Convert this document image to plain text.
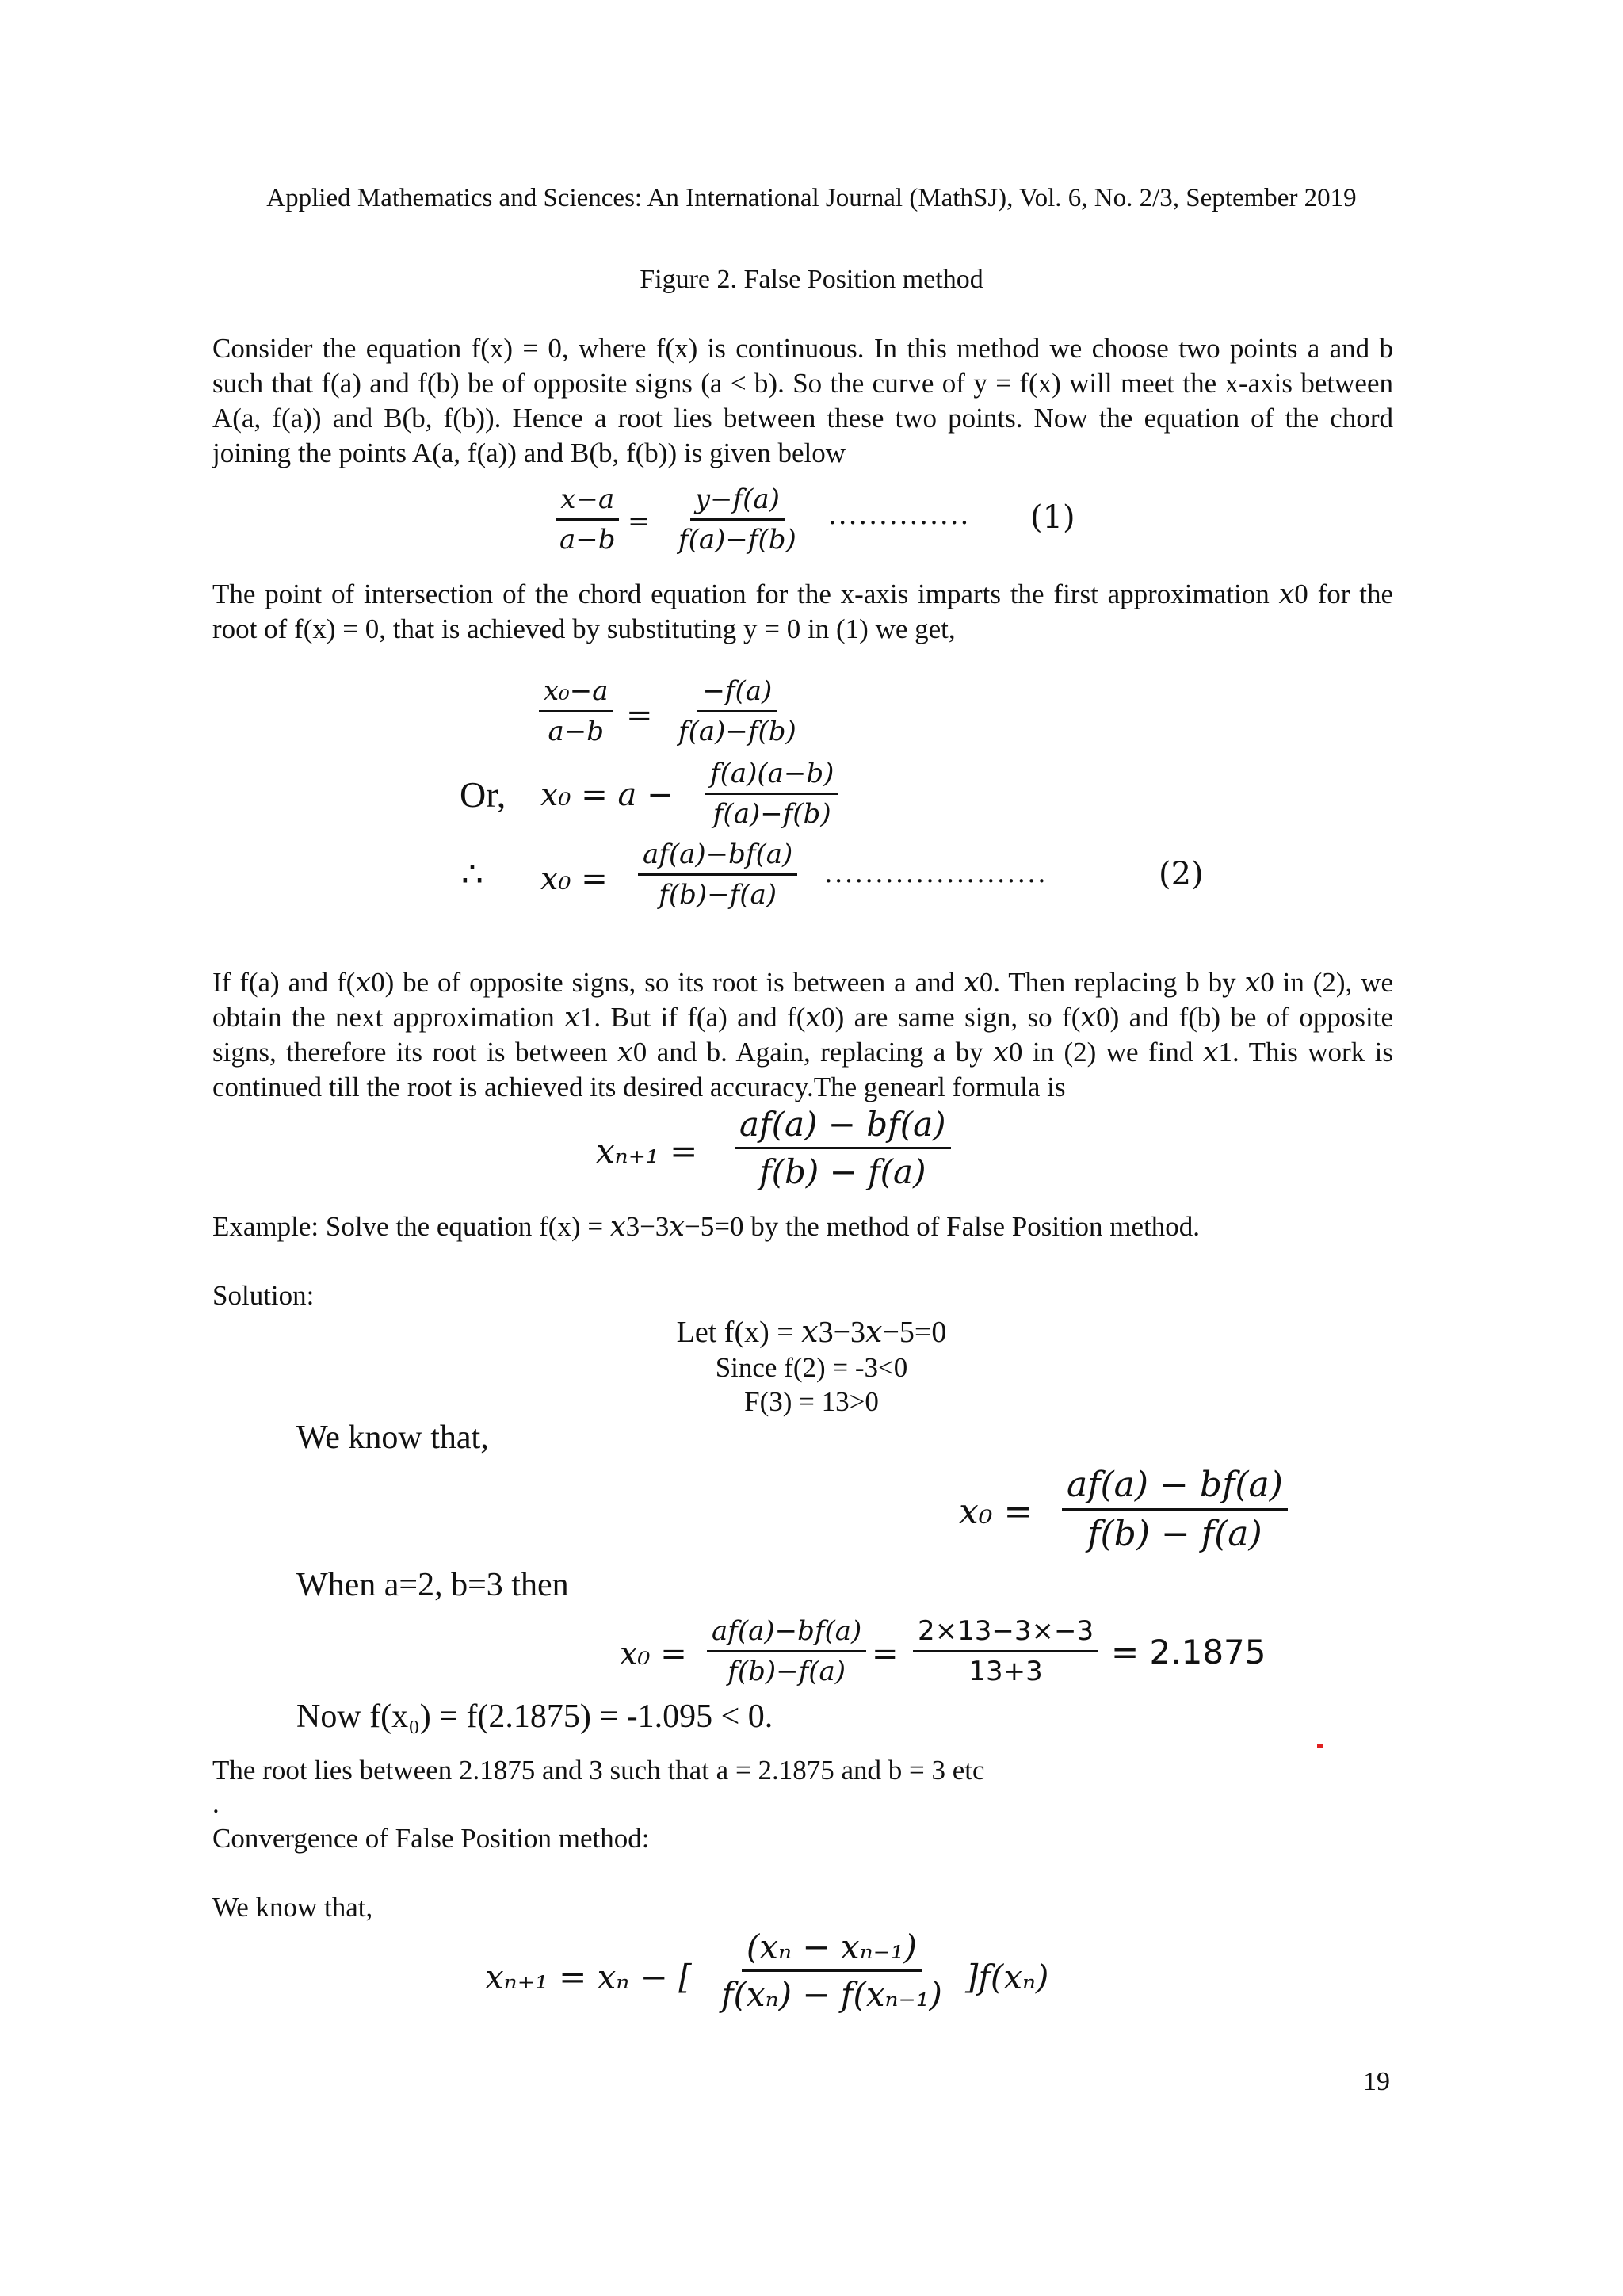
Applied Mathematics and Sciences: An International Journal (MathSJ), Vol. 6, No. 2/3, September 2019
Figure 2. False Position method
Consider the equation f(x) = 0, where f(x) is continuous. In this method we choose two points a and b such that f(a) and f(b) be of opposite signs (a < b). So the curve of y = f(x) will meet the x-axis between A(a, f(a)) and B(b, f(b)). Hence a root lies between these two points. Now the equation of the chord joining the points A(a, f(a)) and B(b, f(b)) is given below
$\frac{x-a}{a-b} = \frac{y-f(a)}{f(a)-f(b)}$ .............. (1)
The point of intersection of the chord equation for the x-axis imparts the first approximation 𝑥0 for the root of f(x) = 0, that is achieved by substituting y = 0 in (1) we get,
$\frac{\text{x₀−a}}{a-b} = \frac{-f(a)}{f(a)-f(b)}$
Or, $x_0 = a - \frac{f(a)(a-b)}{f(a)-f(b)}$
∴ $x_0 = \frac{af(a)-bf(a)}{f(b)-f(a)}$ ......................	(2)
If f(a) and f(𝑥0) be of opposite signs, so its root is between a and 𝑥0. Then replacing b by 𝑥0 in (2), we obtain the next approximation 𝑥1. But if f(a) and f(𝑥0) are same sign, so f(𝑥0) and f(b) be of opposite signs, therefore its root is between 𝑥0 and b. Again, replacing a by 𝑥0 in (2) we find 𝑥1. This work is continued till the root is achieved its desired accuracy.The genearl formula is
$x_{n+1} = \frac{af(a) - bf(a)}{f(b) - f(a)}$
Example: Solve the equation f(x) = 𝑥3−3𝑥−5=0 by the method of False Position method.
Solution:
Let f(x) = 𝑥3−3𝑥−5=0
Since f(2) = -3<0
F(3) = 13>0
We know that,
$x_0 = \frac{af(a) - bf(a)}{f(b) - f(a)}$
When a=2, b=3 then
$x_0 = \frac{af(a)-bf(a)}{f(b)-f(a)} = \frac{2\times 13-3\times-3}{13+3} = 2.1875$
Now f(x₀) = f(2.1875) = -1.095 < 0.
The root lies between 2.1875 and 3 such that a = 2.1875 and b = 3 etc
.
Convergence of False Position method:
We know that,
xₙ₊₁ = xₙ − [ $\frac{\text{(xₙ − xₙ₋₁)}}{\text{f(xₙ) − f(xₙ₋₁)}} ]f(x_n)$
19
